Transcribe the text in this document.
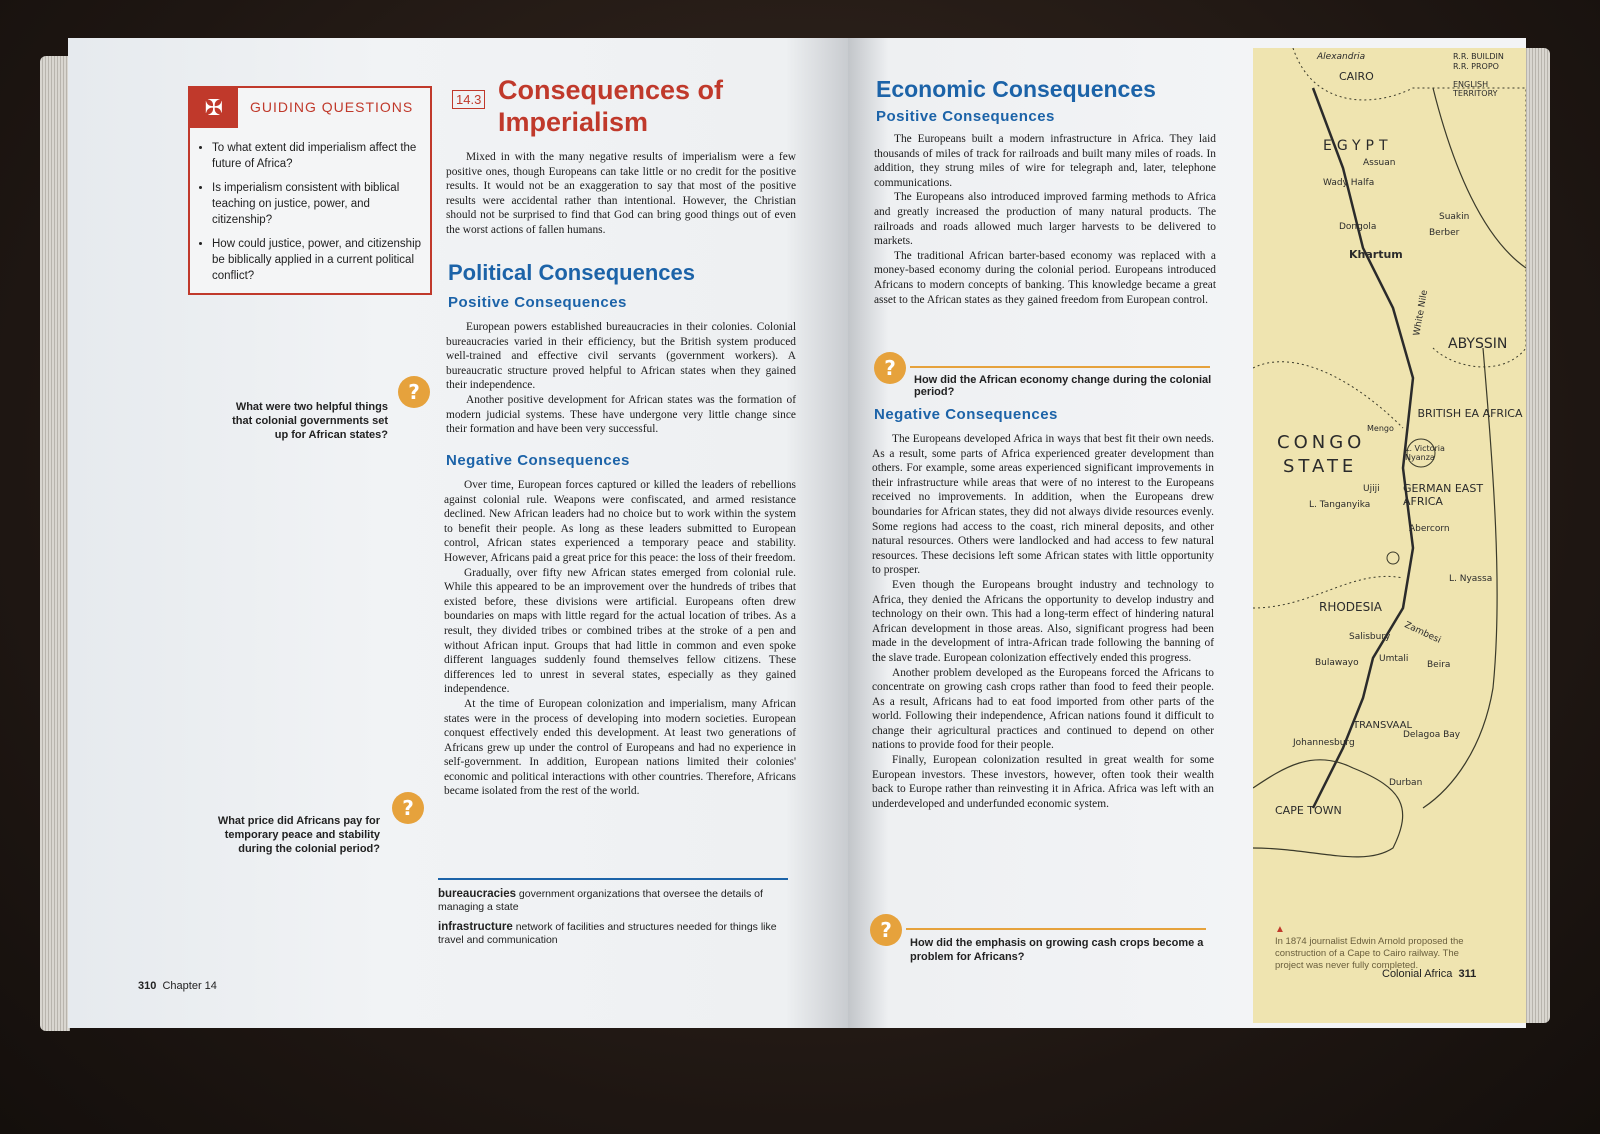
✠	GUIDING QUESTIONS
• To what extent did imperialism affect the future of Africa?
• Is imperialism consistent with biblical teaching on justice, power, and citizenship?
• How could justice, power, and citizenship be biblically applied in a current political conflict?
14.3 Consequences of Imperialism

Mixed in with the many negative results of imperialism were a few positive ones, though Europeans can take little or no credit for the positive results. It would not be an exaggeration to say that most of the positive results were accidental rather than intentional. However, the Christian should not be surprised to find that God can bring good things out of even the worst actions of fallen humans.

Political Consequences
Positive Consequences

European powers established bureaucracies in their colonies. Colonial bureaucracies varied in their efficiency, but the British system produced well-trained and effective civil servants (government workers). A bureaucratic structure proved helpful to African states when they gained their independence.

Another positive development for African states was the formation of modern judicial systems. These have undergone very little change since their formation and have been very successful.

Negative Consequences

Over time, European forces captured or killed the leaders of rebellions against colonial rule. Weapons were confiscated, and armed resistance declined. New African leaders had no choice but to work within the system to benefit their people. As long as these leaders submitted to European control, African states experienced a temporary peace and stability. However, Africans paid a great price for this peace: the loss of their freedom.

Gradually, over fifty new African states emerged from colonial rule. While this appeared to be an improvement over the hundreds of tribes that existed before, these divisions were artificial. Europeans often drew boundaries on maps with little regard for the actual location of tribes. As a result, they divided tribes or combined tribes at the stroke of a pen and without African input. Groups that had little in common and even spoke different languages suddenly found themselves fellow citizens. These differences led to unrest in several states, especially as they gained independence.

At the time of European colonization and imperialism, many African states were in the process of developing into modern societies. European conquest effectively ended this development. At least two generations of Africans grew up under the control of Europeans and had no experience in self-government. In addition, European nations limited their colonies' economic and political interactions with other countries. Therefore, Africans became isolated from the rest of the world.

?
What were two helpful things that colonial governments set up for African states?
?
What price did Africans pay for temporary peace and stability during the colonial period?
bureaucracies government organizations that oversee the details of managing a state
infrastructure network of facilities and structures needed for things like travel and communication
310 Chapter 14
Economic Consequences
Positive Consequences

The Europeans built a modern infrastructure in Africa. They laid thousands of miles of track for railroads and built many miles of roads. In addition, they strung miles of wire for telegraph and, later, telephone communications.

The Europeans also introduced improved farming methods to Africa and greatly increased the production of many natural products. The railroads and roads allowed much larger harvests to be delivered to markets.

The traditional African barter-based economy was replaced with a money-based economy during the colonial period. Europeans introduced Africans to modern concepts of banking. This knowledge became a great asset to the African states as they gained freedom from European control.

?	How did the African economy change during the colonial period?
Negative Consequences

The Europeans developed Africa in ways that best fit their own needs. As a result, some parts of Africa experienced greater development than others. For example, some areas experienced significant improvements in their infrastructure while areas that were of no interest to the Europeans received no improvements. In addition, when the Europeans drew boundaries for African states, they did not always divide resources evenly. Some regions had access to the coast, rich mineral deposits, and other natural resources. Others were landlocked and had access to few natural resources. These decisions left some African states with little opportunity to prosper.

Even though the Europeans brought industry and technology to Africa, they denied the Africans the opportunity to develop industry and technology on their own. This had a long-term effect of hindering natural African development in those areas. Also, significant progress had been made in the development of intra-African trade following the banning of the slave trade. European colonization effectively ended this progress.

Another problem developed as the Europeans forced the Africans to concentrate on growing cash crops rather than food to feed their people. As a result, Africans had to eat food imported from other parts of the world. Following their independence, African nations found it difficult to change their agricultural practices and continued to depend on other nations to provide food for their people.

Finally, European colonization resulted in great wealth for some European investors. These investors, however, often took their wealth back to Europe rather than reinvesting it in Africa. Africa was left with an underdeveloped and underfunded economic system.

?
How did the emphasis on growing cash crops become a problem for Africans?
Alexandria
CAIRO
R.R. BUILDIN
R.R. PROPO
ENGLISH TERRITORY
EGYPT
Assuan
Wady Halfa
Dongola
Suakin
Berber
Khartum
White Nile
ABYSSIN
BRITISH EA AFRICA
Mengo
L. Victoria Nyanza
CONGO
STATE
Ujiji GERMAN EAST AFRICA
L. Tanganyika
Abercorn
L. Nyassa
RHODESIA
Salisbury Zambesi
Bulawayo Umtali
Beira
TRANSVAAL
Johannesburg
Delagoa Bay
Durban
CAPE TOWN
▲
In 1874 journalist Edwin Arnold proposed the construction of a Cape to Cairo railway. The project was never fully completed.
Colonial Africa 311
